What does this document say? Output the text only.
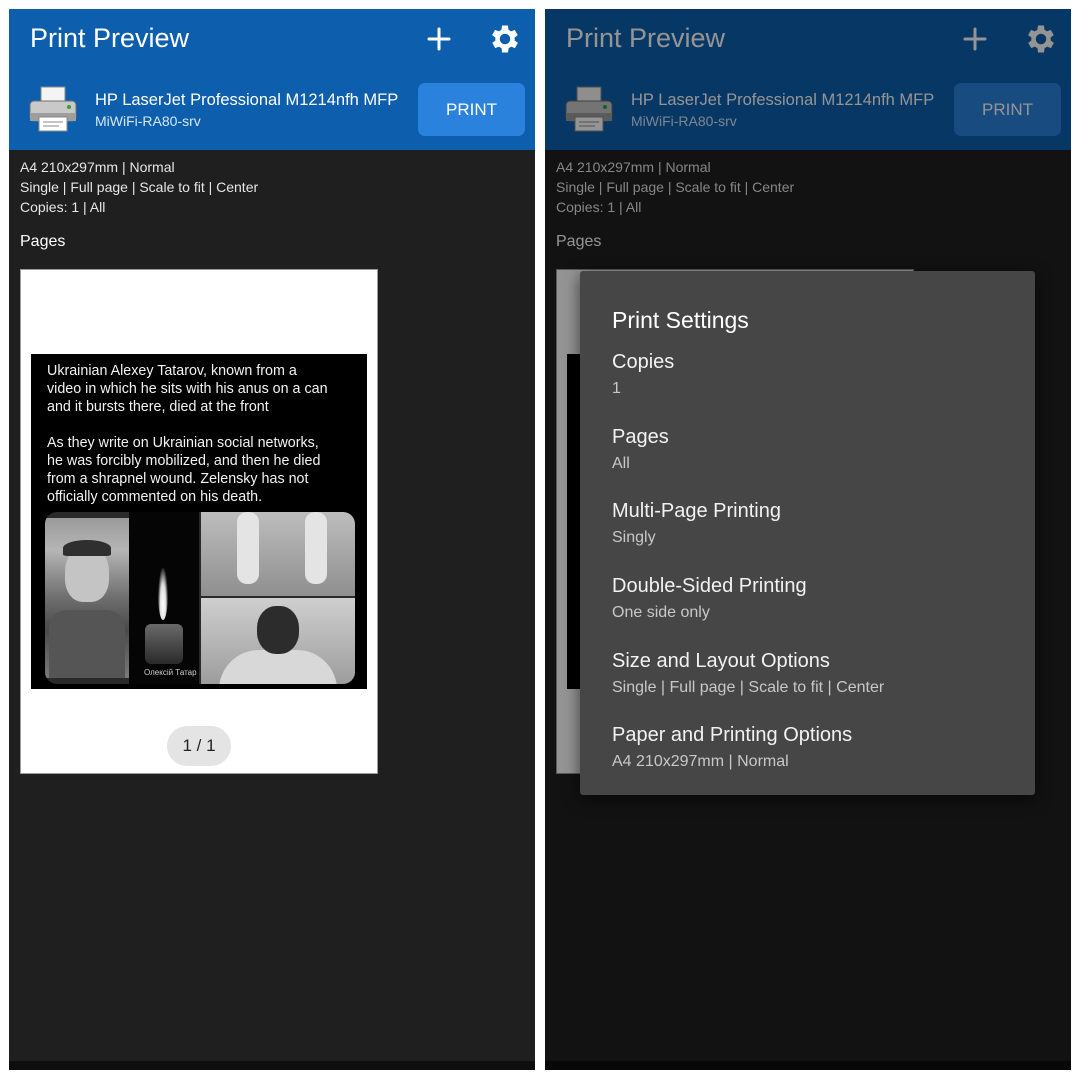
Print Preview
HP LaserJet Professional M1214nfh MFP
MiWiFi-RA80-srv
PRINT
A4 210x297mm | Normal
Single | Full page | Scale to fit | Center
Copies: 1 | All
Pages
Ukrainian Alexey Tatarov, known from a
video in which he sits with his anus on a can
and it bursts there, died at the front
As they write on Ukrainian social networks,
he was forcibly mobilized, and then he died
from a shrapnel wound. Zelensky has not
officially commented on his death.
Олексій Татар
1 / 1
Print Preview
HP LaserJet Professional M1214nfh MFP
MiWiFi-RA80-srv
PRINT
A4 210x297mm | Normal
Single | Full page | Scale to fit | Center
Copies: 1 | All
Pages
Print Settings
Copies
1
Pages
All
Multi-Page Printing
Singly
Double-Sided Printing
One side only
Size and Layout Options
Single | Full page | Scale to fit | Center
Paper and Printing Options
A4 210x297mm | Normal
